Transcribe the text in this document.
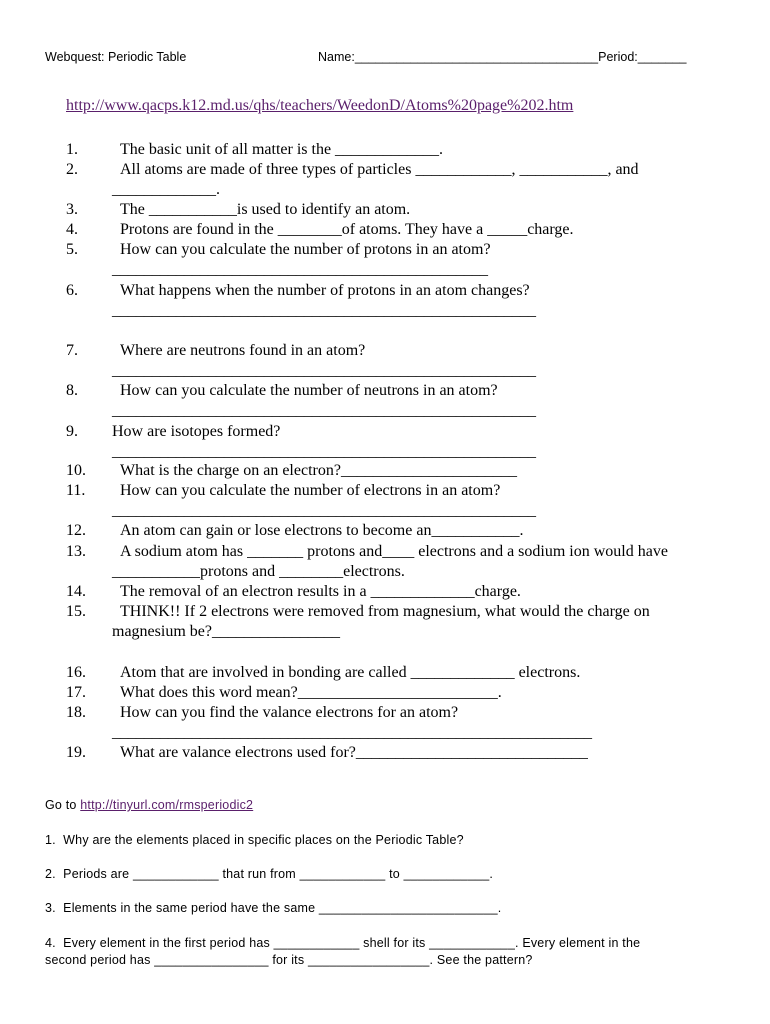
Webquest: Periodic Table	Name:___________________________________Period:_______
http://www.qacps.k12.md.us/qhs/teachers/WeedonD/Atoms%20page%202.htm
1.	The basic unit of all matter is the _____________.
2.	All atoms are made of three types of particles ____________, ___________, and
_____________.
3.	The ___________is used to identify an atom.
4.	Protons are found in the ________of atoms. They have a _____charge.
5.	How can you calculate the number of protons in an atom?
_______________________________________________
6.	What happens when the number of protons in an atom changes?
_____________________________________________________
7.	Where are neutrons found in an atom?
_____________________________________________________
8.	How can you calculate the number of neutrons in an atom?
_____________________________________________________
9. How are isotopes formed?
_____________________________________________________
10. What is the charge on an electron?______________________
11. How can you calculate the number of electrons in an atom?
_____________________________________________________
12. An atom can gain or lose electrons to become an___________.
13. A sodium atom has _______ protons and____ electrons and a sodium ion would have
___________protons and ________electrons.
14. The removal of an electron results in a _____________charge.
15. THINK!! If 2 electrons were removed from magnesium, what would the charge on
magnesium be?________________
16. Atom that are involved in bonding are called _____________ electrons.
17. What does this word mean?_________________________.
18. How can you find the valance electrons for an atom?
____________________________________________________________
19. What are valance electrons used for?_____________________________
Go to http://tinyurl.com/rmsperiodic2
1.  Why are the elements placed in specific places on the Periodic Table?
2.  Periods are ____________ that run from ____________ to ____________.
3.  Elements in the same period have the same _________________________.
4.  Every element in the first period has ____________ shell for its ____________. Every element in the
second period has ________________ for its _________________. See the pattern?
